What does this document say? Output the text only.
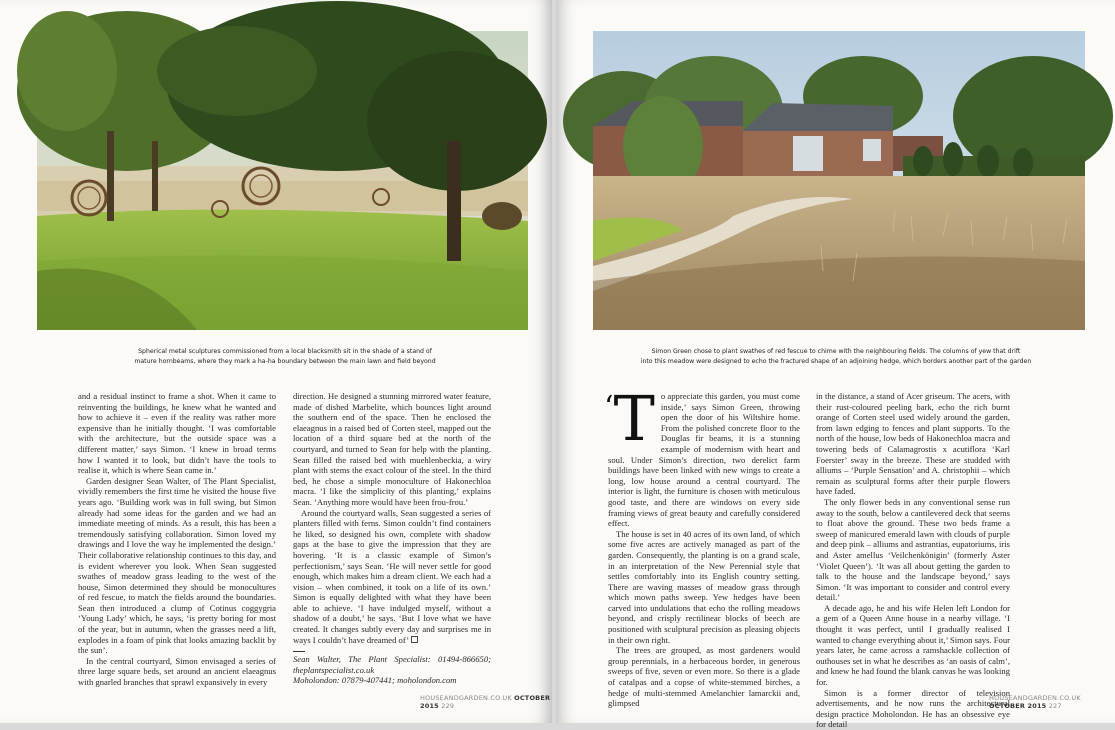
Spherical metal sculptures commissioned from a local blacksmith sit in the shade of a stand of
mature hornbeams, where they mark a ha-ha boundary between the main lawn and field beyond

and a residual instinct to frame a shot. When it came to reinventing the buildings, he knew what he wanted and how to achieve it – even if the reality was rather more expensive than he initially thought. ‘I was comfortable with the architecture, but the outside space was a different matter,’ says Simon. ‘I knew in broad terms how I wanted it to look, but didn’t have the tools to realise it, which is where Sean came in.’

Garden designer Sean Walter, of The Plant Specialist, vividly remembers the first time he visited the house five years ago. ‘Building work was in full swing, but Simon already had some ideas for the garden and we had an immediate meeting of minds. As a result, this has been a tremendously satisfying collaboration. Simon loved my drawings and I love the way he implemented the design.’ Their collaborative relationship continues to this day, and is evident wherever you look. When Sean suggested swathes of meadow grass leading to the west of the house, Simon determined they should be monocultures of red fescue, to match the fields around the boundaries. Sean then introduced a clump of Cotinus coggygria ‘Young Lady’ which, he says, ‘is pretty boring for most of the year, but in autumn, when the grasses need a lift, explodes in a foam of pink that looks amazing backlit by the sun’.

In the central courtyard, Simon envisaged a series of three large square beds, set around an ancient elaeagnus with gnarled branches that sprawl expansively in every

direction. He designed a stunning mirrored water feature, made of dished Marbelite, which bounces light around the southern end of the space. Then he enclosed the elaeagnus in a raised bed of Corten steel, mapped out the location of a third square bed at the north of the courtyard, and turned to Sean for help with the planting. Sean filled the raised bed with muehlenbeckia, a wiry plant with stems the exact colour of the steel. In the third bed, he chose a simple monoculture of Hakonechloa macra. ‘I like the simplicity of this planting,’ explains Sean. ‘Anything more would have been frou-frou.’

Around the courtyard walls, Sean suggested a series of planters filled with ferns. Simon couldn’t find containers he liked, so designed his own, complete with shadow gaps at the base to give the impression that they are hovering. ‘It is a classic example of Simon’s perfectionism,’ says Sean. ‘He will never settle for good enough, which makes him a dream client. We each had a vision – when combined, it took on a life of its own.’ Simon is equally delighted with what they have been able to achieve. ‘I have indulged myself, without a shadow of a doubt,’ he says. ‘But I love what we have created. It changes subtly every day and surprises me in ways I couldn’t have dreamed of’

Sean Walter, The Plant Specialist: 01494-866650; theplantspecialist.co.uk

Moholondon: 07879-407441; moholondon.com

HOUSEANDGARDEN.CO.UK OCTOBER 2015 229
Simon Green chose to plant swathes of red fescue to chime with the neighbouring fields. The columns of yew that drift
into this meadow were designed to echo the fractured shape of an adjoining hedge, which borders another part of the garden

‘T o appreciate this garden, you must come inside,’ says Simon Green, throwing open the door of his Wiltshire home. From the polished concrete floor to the Douglas fir beams, it is a stunning example of modernism with heart and soul. Under Simon’s direction, two derelict farm buildings have been linked with new wings to create a long, low house around a central courtyard. The interior is light, the furniture is chosen with meticulous good taste, and there are windows on every side framing views of great beauty and carefully considered effect.

The house is set in 40 acres of its own land, of which some five acres are actively managed as part of the garden. Consequently, the planting is on a grand scale, in an interpretation of the New Perennial style that settles comfortably into its English country setting. There are waving masses of meadow grass through which mown paths sweep. Yew hedges have been carved into undulations that echo the rolling meadows beyond, and crisply rectilinear blocks of beech are positioned with sculptural precision as pleasing objects in their own right.

The trees are grouped, as most gardeners would group perennials, in a herbaceous border, in generous sweeps of five, seven or even more. So there is a glade of catalpas and a copse of white-stemmed birches, a hedge of multi-stemmed Amelanchier lamarckii and, glimpsed

in the distance, a stand of Acer griseum. The acers, with their rust-coloured peeling bark, echo the rich burnt orange of Corten steel used widely around the garden, from lawn edging to fences and plant supports. To the north of the house, low beds of Hakonechloa macra and towering beds of Calamagrostis x acutiflora ‘Karl Foerster’ sway in the breeze. These are studded with alliums – ‘Purple Sensation’ and A. christophii – which remain as sculptural forms after their purple flowers have faded.

The only flower beds in any conventional sense run away to the south, below a cantilevered deck that seems to float above the ground. These two beds frame a sweep of manicured emerald lawn with clouds of purple and deep pink – alliums and astrantias, eupatoriums, iris and Aster amellus ‘Veilchenkönigin’ (formerly Aster ‘Violet Queen’). ‘It was all about getting the garden to talk to the house and the landscape beyond,’ says Simon. ‘It was important to consider and control every detail.’

A decade ago, he and his wife Helen left London for a gem of a Queen Anne house in a nearby village. ‘I thought it was perfect, until I gradually realised I wanted to change everything about it,’ Simon says. Four years later, he came across a ramshackle collection of outhouses set in what he describes as ‘an oasis of calm’, and knew he had found the blank canvas he was looking for.

Simon is a former director of television advertisements, and he now runs the architectural design practice Moholondon. He has an obsessive eye for detail

HOUSEANDGARDEN.CO.UK OCTOBER 2015 227
